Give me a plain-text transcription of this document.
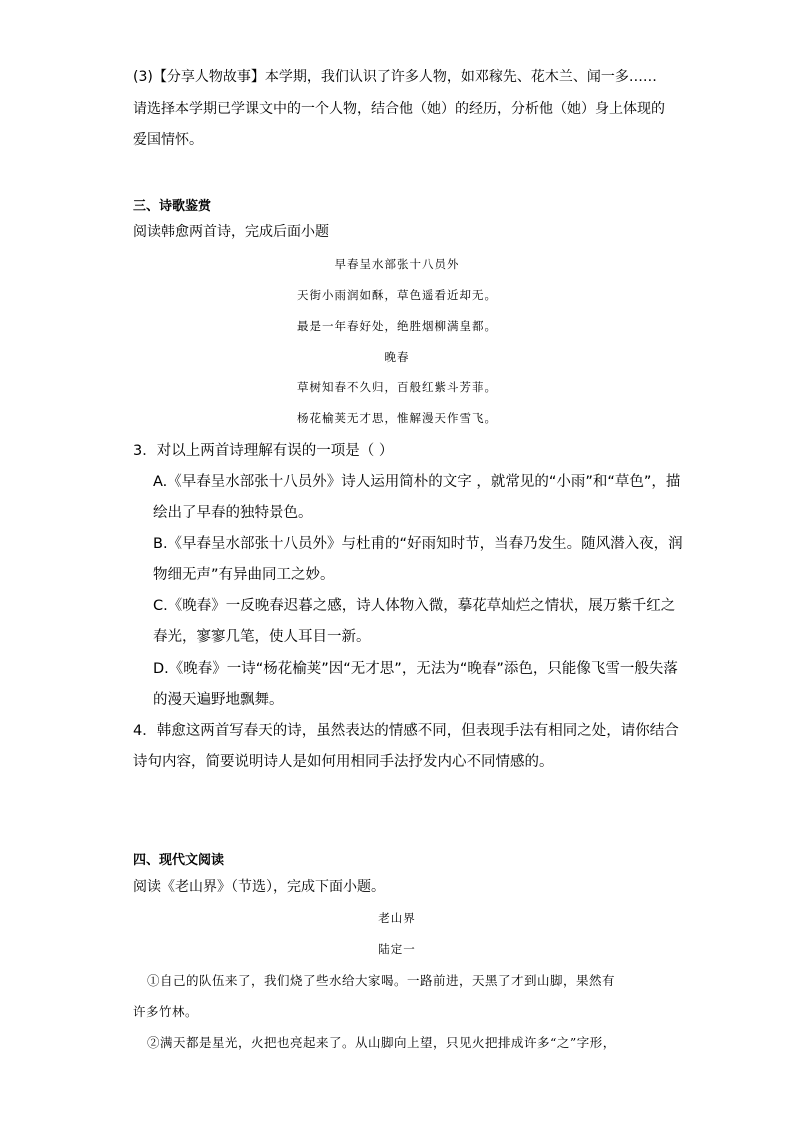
(3)【分享人物故事】本学期，我们认识了许多人物，如邓稼先、花木兰、闻一多……
请选择本学期已学课文中的一个人物，结合他（她）的经历，分析他（她）身上体现的
爱国情怀。
三、诗歌鉴赏
阅读韩愈两首诗，完成后面小题
早春呈水部张十八员外
天街小雨润如酥，草色遥看近却无。
最是一年春好处，绝胜烟柳满皇都。
晚春
草树知春不久归，百般红紫斗芳菲。
杨花榆荚无才思，惟解漫天作雪飞。
3．对以上两首诗理解有误的一项是（ ）
A.《早春呈水部张十八员外》诗人运用简朴的文字 ，就常见的“小雨”和“草色”，描
绘出了早春的独特景色。
B.《早春呈水部张十八员外》与杜甫的“好雨知时节，当春乃发生。随风潜入夜，润
物细无声”有异曲同工之妙。
C.《晚春》一反晚春迟暮之感，诗人体物入微，摹花草灿烂之情状，展万紫千红之
春光，寥寥几笔，使人耳目一新。
D.《晚春》一诗“杨花榆荚”因“无才思”，无法为“晚春”添色，只能像飞雪一般失落
的漫天遍野地飘舞。
4．韩愈这两首写春天的诗，虽然表达的情感不同，但表现手法有相同之处，请你结合
诗句内容，简要说明诗人是如何用相同手法抒发内心不同情感的。
四、现代文阅读
阅读《老山界》（节选），完成下面小题。
老山界
陆定一
①自己的队伍来了，我们烧了些水给大家喝。一路前进，天黑了才到山脚，果然有
许多竹林。
②满天都是星光，火把也亮起来了。从山脚向上望，只见火把排成许多“之”字形，
